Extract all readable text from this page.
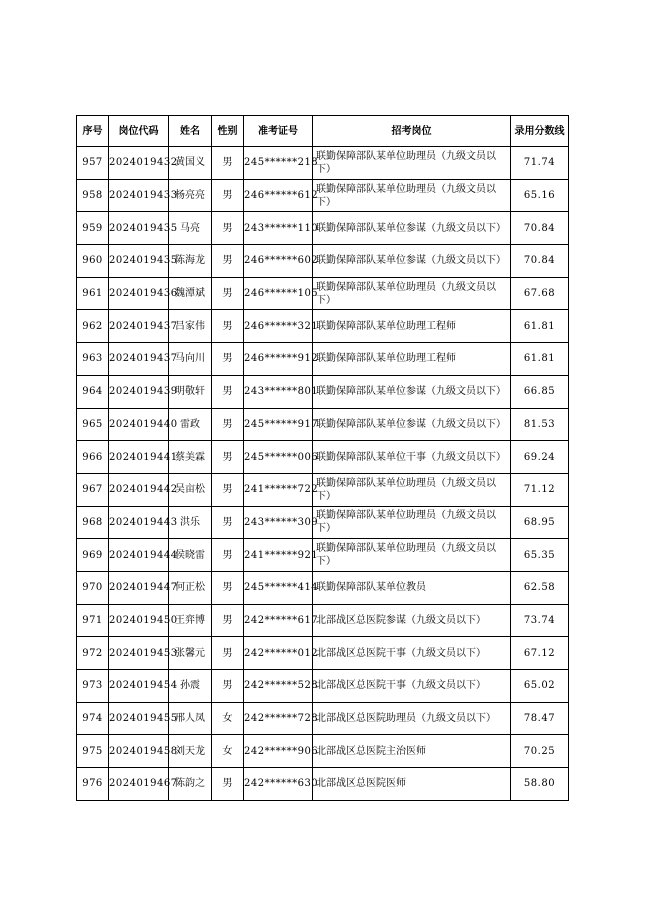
序号	岗位代码	姓名	性别	准考证号	招考岗位	录用分数线
957	2024019432	黄国义	男	245******218	联勤保障部队某单位助理员（九级文员以下）	71.74
958	2024019433	杨亮亮	男	246******612	联勤保障部队某单位助理员（九级文员以下）	65.16
959	2024019435	马亮	男	243******110	联勤保障部队某单位参谋（九级文员以下）	70.84
960	2024019435	陈海龙	男	246******602	联勤保障部队某单位参谋（九级文员以下）	70.84
961	2024019436	魏潭斌	男	246******105	联勤保障部队某单位助理员（九级文员以下）	67.68
962	2024019437	吕家伟	男	246******321	联勤保障部队某单位助理工程师	61.81
963	2024019437	马向川	男	246******912	联勤保障部队某单位助理工程师	61.81
964	2024019439	明敬轩	男	243******801	联勤保障部队某单位参谋（九级文员以下）	66.85
965	2024019440	雷政	男	245******917	联勤保障部队某单位参谋（九级文员以下）	81.53
966	2024019441	蔡美霖	男	245******006	联勤保障部队某单位干事（九级文员以下）	69.24
967	2024019442	吴亩松	男	241******722	联勤保障部队某单位助理员（九级文员以下）	71.12
968	2024019443	洪乐	男	243******309	联勤保障部队某单位助理员（九级文员以下）	68.95
969	2024019444	侯晓雷	男	241******921	联勤保障部队某单位助理员（九级文员以下）	65.35
970	2024019447	何正松	男	245******414	联勤保障部队某单位教员	62.58
971	2024019450	王弈博	男	242******617	北部战区总医院参谋（九级文员以下）	73.74
972	2024019453	张馨元	男	242******012	北部战区总医院干事（九级文员以下）	67.12
973	2024019454	孙震	男	242******528	北部战区总医院干事（九级文员以下）	65.02
974	2024019455	邢人凤	女	242******728	北部战区总医院助理员（九级文员以下）	78.47
975	2024019458	刘天龙	女	242******906	北部战区总医院主治医师	70.25
976	2024019467	陈韵之	男	242******630	北部战区总医院医师	58.80
